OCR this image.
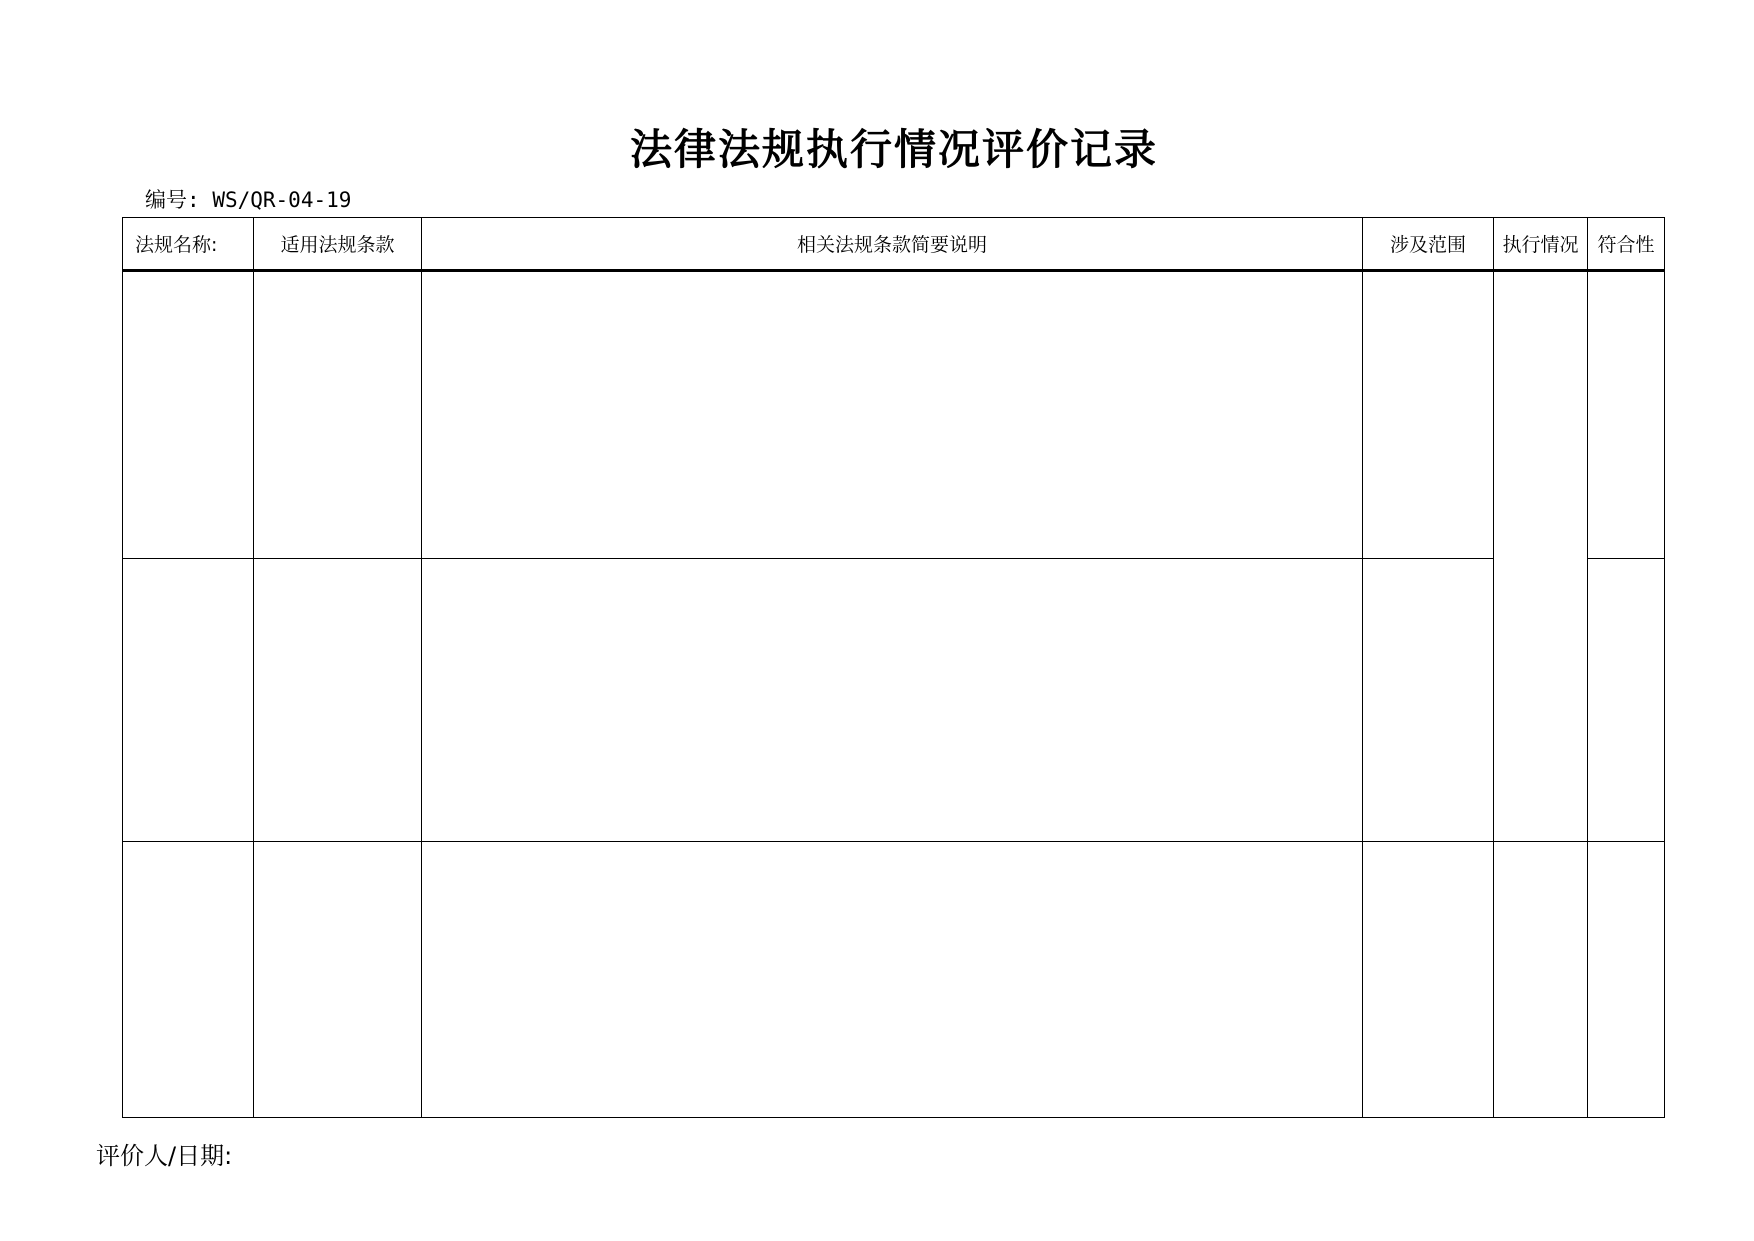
法律法规执行情况评价记录
编号: WS/QR-04-19
法规名称:	适用法规条款	相关法规条款简要说明	涉及范围	执行情况	符合性

评价人/日期:
